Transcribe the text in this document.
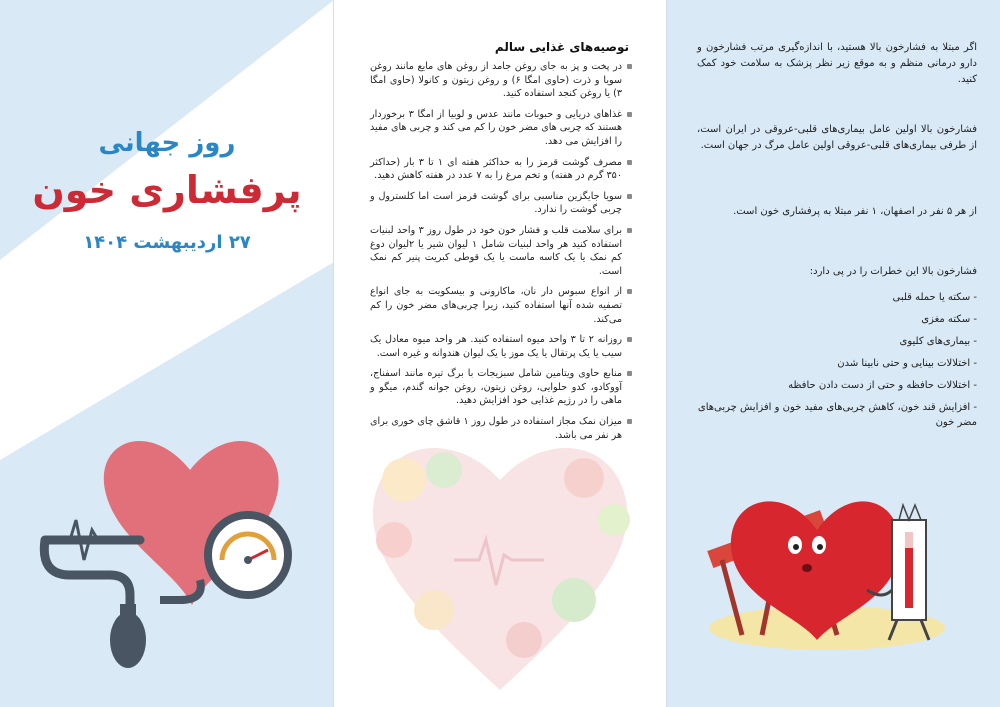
روز جهانی
پرفشاری خون
۲۷ اردیبهشت ۱۴۰۴
توصیه‌های غذایی سالم
در پخت و پز به جای روغن جامد از روغن های مایع مانند روغن سویا و ذرت (حاوی امگا ۶) و روغن زیتون و کانولا (حاوی امگا ۳) یا روغن کنجد استفاده کنید.
غذاهای دریایی و حبوبات مانند عدس و لوبیا از امگا ۳ برخوردار هستند که چربی های مضر خون را کم می کند و چربی های مفید را افزایش می دهد.
مصرف گوشت قرمز را به حداکثر هفته ای ۱ تا ۳ بار (حداکثر ۳۵۰ گرم در هفته) و تخم مرغ را به ۷ عدد در هفته کاهش دهید.
سویا جایگزین مناسبی برای گوشت قرمز است اما کلسترول و چربی گوشت را ندارد.
برای سلامت قلب و فشار خون خود در طول روز ۳ واحد لبنیات استفاده کنید هر واحد لبنیات شامل ۱ لیوان شیر یا ۲لیوان دوغ کم نمک یا یک کاسه ماست یا یک قوطی کبریت پنیر کم نمک است.
از انواع سبوس دار نان، ماکارونی و بیسکویت به جای انواع تصفیه شده آنها استفاده کنید، زیرا چربی‌های مضر خون را کم می‌کند.
روزانه ۲ تا ۳ واحد میوه استفاده کنید. هر واحد میوه معادل یک سیب یا یک پرتقال یا یک موز یا یک لیوان هندوانه و غیره است.
منابع حاوی ویتامین شامل سبزیجات با برگ تیره مانند اسفناج، آووکادو، کدو حلوایی، روغن زیتون، روغن جوانه گندم، میگو و ماهی را در رژیم غذایی خود افزایش دهید.
میزان نمک مجاز استفاده در طول روز ۱ قاشق چای خوری برای هر نفر می باشد.
اگر مبتلا به فشارخون بالا هستید، با اندازه‌گیری مرتب فشارخون و دارو درمانی منظم و به موقع زیر نظر پزشک به سلامت خود کمک کنید.
فشارخون بالا اولین عامل بیماری‌های قلبی-عروقی در ایران است، از طرفی بیماری‌های قلبی-عروقی اولین عامل مرگ در جهان است.
از هر ۵ نفر در اصفهان، ۱ نفر مبتلا به پرفشاری خون است.
فشارخون بالا این خطرات را در پی دارد:
- سکته یا حمله قلبی
- سکته مغزی
- بیماری‌های کلیوی
- اختلالات بینایی و حتی نابینا شدن
- اختلالات حافظه و حتی از دست دادن حافظه
- افزایش قند خون، کاهش چربی‌های مفید خون و افزایش چربی‌های مضر خون
